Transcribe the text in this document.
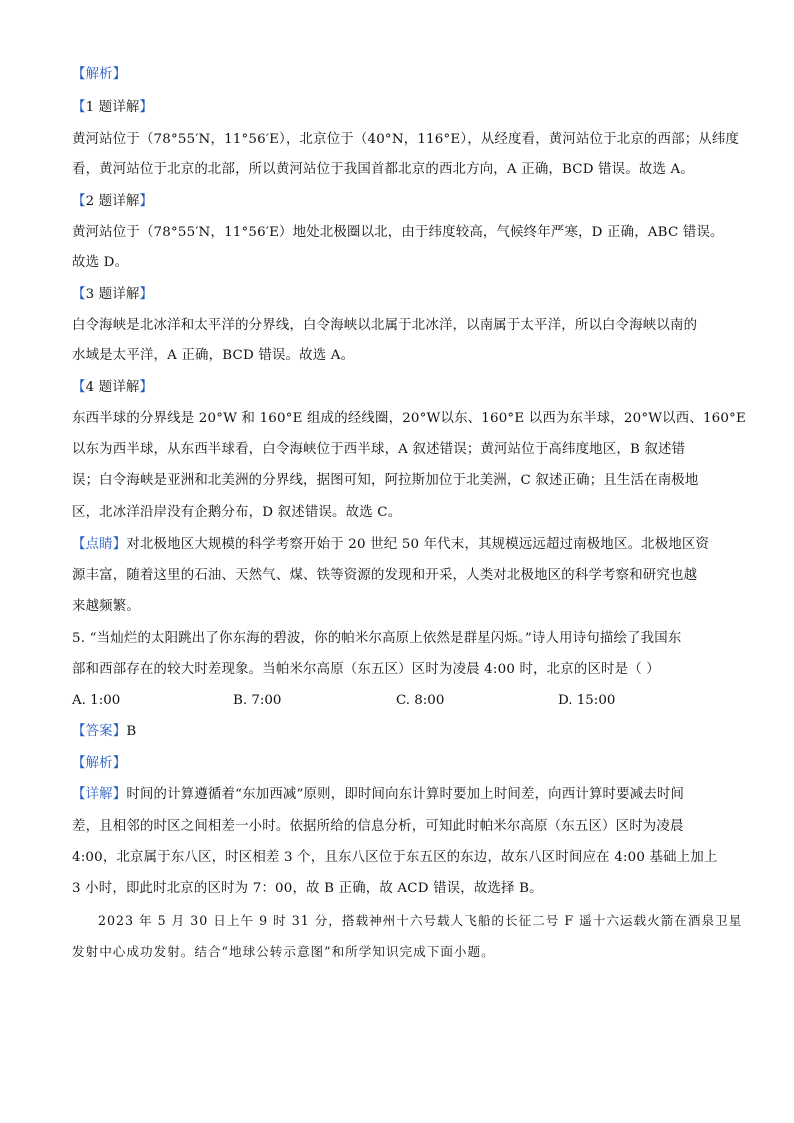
【解析】
【1 题详解】
黄河站位于（78°55′N，11°56′E），北京位于（40°N，116°E），从经度看，黄河站位于北京的西部；从纬度
看，黄河站位于北京的北部，所以黄河站位于我国首都北京的西北方向，A 正确，BCD 错误。故选 A。
【2 题详解】
黄河站位于（78°55′N，11°56′E）地处北极圈以北，由于纬度较高，气候终年严寒，D 正确，ABC 错误。
故选 D。
【3 题详解】
白令海峡是北冰洋和太平洋的分界线，白令海峡以北属于北冰洋，以南属于太平洋，所以白令海峡以南的
水域是太平洋，A 正确，BCD 错误。故选 A。
【4 题详解】
东西半球的分界线是 20°W 和 160°E 组成的经线圈，20°W以东、160°E 以西为东半球，20°W以西、160°E
以东为西半球，从东西半球看，白令海峡位于西半球，A 叙述错误；黄河站位于高纬度地区，B 叙述错
误；白令海峡是亚洲和北美洲的分界线，据图可知，阿拉斯加位于北美洲，C 叙述正确；且生活在南极地
区，北冰洋沿岸没有企鹅分布，D 叙述错误。故选 C。
【点睛】对北极地区大规模的科学考察开始于 20 世纪 50 年代末，其规模远远超过南极地区。北极地区资
源丰富，随着这里的石油、天然气、煤、铁等资源的发现和开采，人类对北极地区的科学考察和研究也越
来越频繁。
5. “当灿烂的太阳跳出了你东海的碧波，你的帕米尔高原上依然是群星闪烁。”诗人用诗句描绘了我国东
部和西部存在的较大时差现象。当帕米尔高原（东五区）区时为凌晨 4:00 时，北京的区时是（ ）
A. 1:00	B. 7:00	C. 8:00	D. 15:00
【答案】B
【解析】
【详解】时间的计算遵循着“东加西减”原则，即时间向东计算时要加上时间差，向西计算时要减去时间
差，且相邻的时区之间相差一小时。依据所给的信息分析，可知此时帕米尔高原（东五区）区时为凌晨
4:00，北京属于东八区，时区相差 3 个，且东八区位于东五区的东边，故东八区时间应在 4:00 基础上加上
3 小时，即此时北京的区时为 7：00，故 B 正确，故 ACD 错误，故选择 B。
2023 年 5 月 30 日上午 9 时 31 分，搭载神州十六号载人飞船的长征二号 F 遥十六运载火箭在酒泉卫星
发射中心成功发射。结合“地球公转示意图”和所学知识完成下面小题。
